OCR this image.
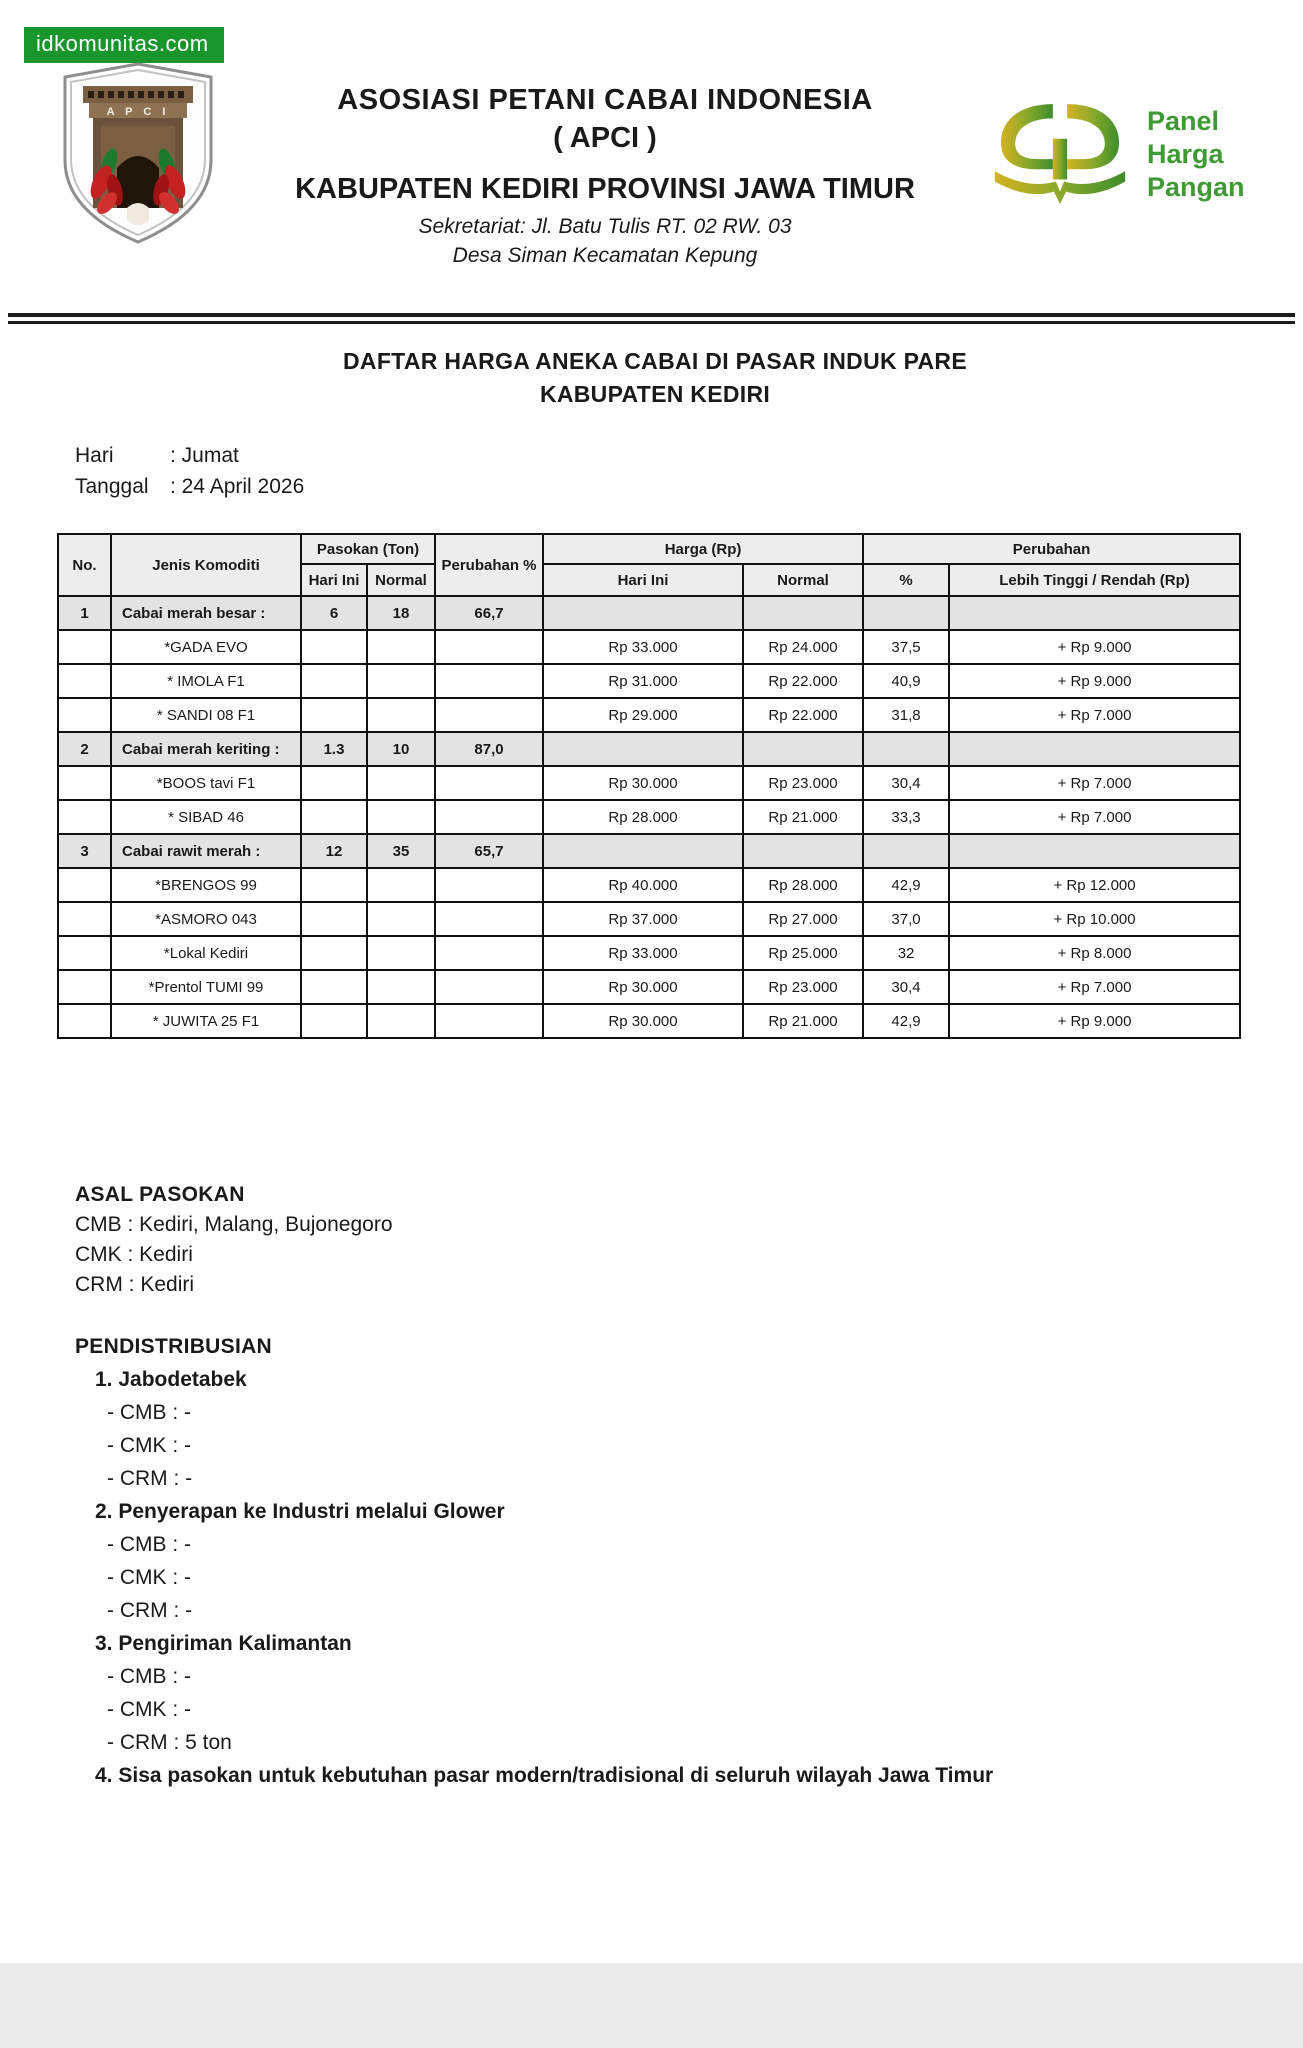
idkomunitas.com
A P C I	ASOSIASI PETANI CABAI INDONESIA
( APCI )
KABUPATEN KEDIRI PROVINSI JAWA TIMUR
Sekretariat: Jl. Batu Tulis RT. 02 RW. 03
Desa Siman Kecamatan Kepung
Panel
Harga
Pangan
DAFTAR HARGA ANEKA CABAI DI PASAR INDUK PARE
KABUPATEN KEDIRI
Hari	: Jumat
Tanggal	: 24 April 2026
No.	Jenis Komoditi	Pasokan (Ton)		Perubahan %	Harga (Rp)		Perubahan	
		Hari Ini	Normal		Hari Ini	Normal	%	Lebih Tinggi / Rendah (Rp)
1	Cabai merah besar :	6	18	66,7				
	*GADA EVO				Rp 33.000	Rp 24.000	37,5	+ Rp 9.000
	* IMOLA F1				Rp 31.000	Rp 22.000	40,9	+ Rp 9.000
	* SANDI 08 F1				Rp 29.000	Rp 22.000	31,8	+ Rp 7.000
2	Cabai merah keriting :	1.3	10	87,0				
	*BOOS tavi F1				Rp 30.000	Rp 23.000	30,4	+ Rp 7.000
	* SIBAD 46				Rp 28.000	Rp 21.000	33,3	+ Rp 7.000
3	Cabai rawit merah :	12	35	65,7				
	*BRENGOS 99				Rp 40.000	Rp 28.000	42,9	+ Rp 12.000
	*ASMORO 043				Rp 37.000	Rp 27.000	37,0	+ Rp 10.000
	*Lokal Kediri				Rp 33.000	Rp 25.000	32	+ Rp 8.000
	*Prentol TUMI 99				Rp 30.000	Rp 23.000	30,4	+ Rp 7.000
	* JUWITA 25 F1				Rp 30.000	Rp 21.000	42,9	+ Rp 9.000
ASAL PASOKAN
CMB : Kediri, Malang, Bujonegoro
CMK : Kediri
CRM : Kediri
PENDISTRIBUSIAN
1. Jabodetabek
- CMB : -
- CMK : -
- CRM : -
2. Penyerapan ke Industri melalui Glower
- CMB : -
- CMK : -
- CRM : -
3. Pengiriman Kalimantan
- CMB : -
- CMK : -
- CRM : 5 ton
4. Sisa pasokan untuk kebutuhan pasar modern/tradisional di seluruh wilayah Jawa Timur
